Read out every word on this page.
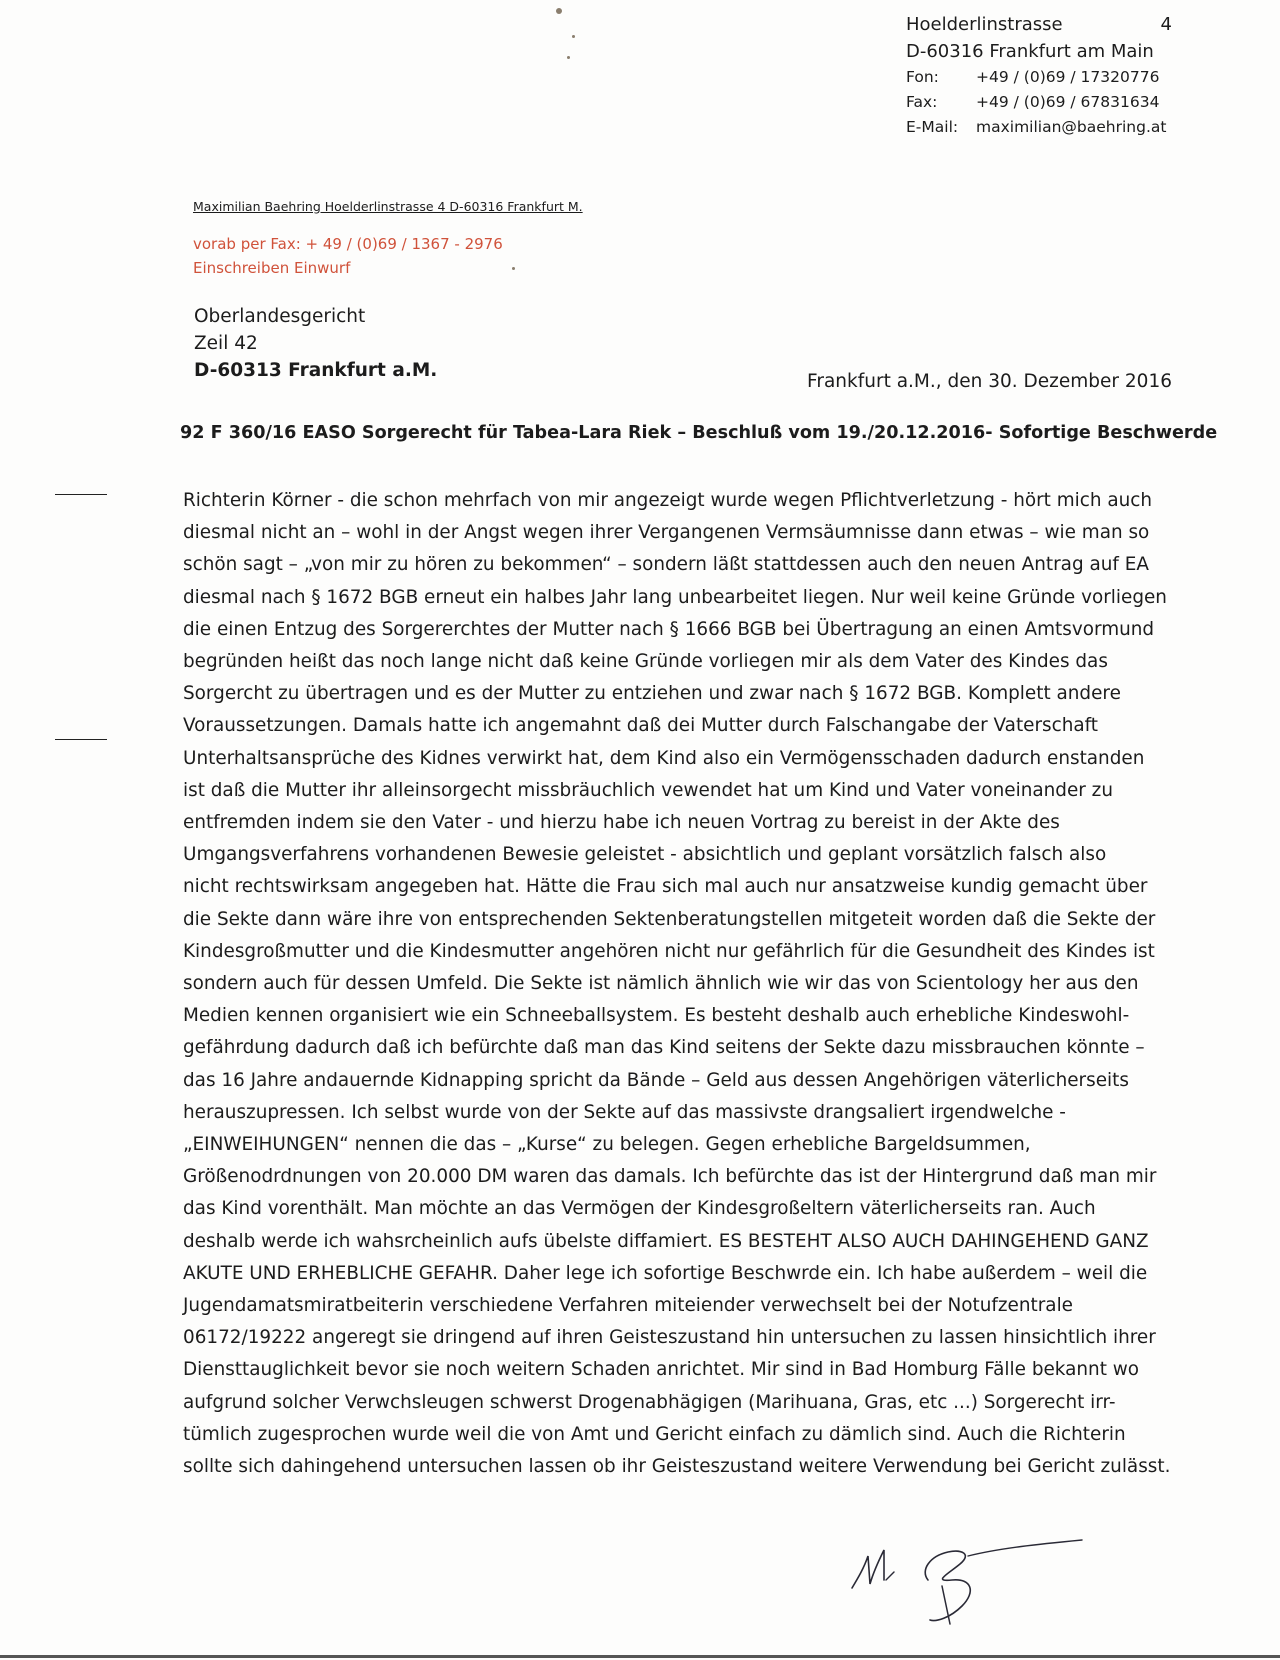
Hoelderlinstrasse	4
D-60316 Frankfurt am Main
Fon:	+49 / (0)69 / 17320776
Fax:	+49 / (0)69 / 67831634
E-Mail:	maximilian@baehring.at
Maximilian Baehring Hoelderlinstrasse 4 D-60316 Frankfurt M.
vorab per Fax: + 49 / (0)69 / 1367 - 2976
Einschreiben Einwurf
Oberlandesgericht
Zeil 42
D-60313 Frankfurt a.M.
Frankfurt a.M., den 30. Dezember 2016
92 F 360/16 EASO Sorgerecht für Tabea-Lara Riek – Beschluß vom 19./20.12.2016- Sofortige Beschwerde
Richterin Körner - die schon mehrfach von mir angezeigt wurde wegen Pflichtverletzung - hört mich auch
diesmal nicht an – wohl in der Angst wegen ihrer Vergangenen Vermsäumnisse dann etwas – wie man so
schön sagt – „von mir zu hören zu bekommen“ – sondern läßt stattdessen auch den neuen Antrag auf EA
diesmal nach § 1672 BGB erneut ein halbes Jahr lang unbearbeitet liegen. Nur weil keine Gründe vorliegen
die einen Entzug des Sorgererchtes der Mutter nach § 1666 BGB bei Übertragung an einen Amtsvormund
begründen heißt das noch lange nicht daß keine Gründe vorliegen mir als dem Vater des Kindes das
Sorgercht zu übertragen und es der Mutter zu entziehen und zwar nach § 1672 BGB. Komplett andere
Voraussetzungen. Damals hatte ich angemahnt daß dei Mutter durch Falschangabe der Vaterschaft
Unterhaltsansprüche des Kidnes verwirkt hat, dem Kind also ein Vermögensschaden dadurch enstanden
ist daß die Mutter ihr alleinsorgecht missbräuchlich vewendet hat um Kind und Vater voneinander zu
entfremden indem sie den Vater - und hierzu habe ich neuen Vortrag zu bereist in der Akte des
Umgangsverfahrens vorhandenen Bewesie geleistet - absichtlich und geplant vorsätzlich falsch also
nicht rechtswirksam angegeben hat. Hätte die Frau sich mal auch nur ansatzweise kundig gemacht über
die Sekte dann wäre ihre von entsprechenden Sektenberatungstellen mitgeteit worden daß die Sekte der
Kindesgroßmutter und die Kindesmutter angehören nicht nur gefährlich für die Gesundheit des Kindes ist
sondern auch für dessen Umfeld. Die Sekte ist nämlich ähnlich wie wir das von Scientology her aus den
Medien kennen organisiert wie ein Schneeballsystem. Es besteht deshalb auch erhebliche Kindeswohl-
gefährdung dadurch daß ich befürchte daß man das Kind seitens der Sekte dazu missbrauchen könnte –
das 16 Jahre andauernde Kidnapping spricht da Bände – Geld aus dessen Angehörigen väterlicherseits
herauszupressen. Ich selbst wurde von der Sekte auf das massivste drangsaliert irgendwelche -
„EINWEIHUNGEN“ nennen die das – „Kurse“ zu belegen. Gegen erhebliche Bargeldsummen,
Größenodrdnungen von 20.000 DM waren das damals. Ich befürchte das ist der Hintergrund daß man mir
das Kind vorenthält. Man möchte an das Vermögen der Kindesgroßeltern väterlicherseits ran. Auch
deshalb werde ich wahsrcheinlich aufs übelste diffamiert. ES BESTEHT ALSO AUCH DAHINGEHEND GANZ
AKUTE UND ERHEBLICHE GEFAHR. Daher lege ich sofortige Beschwrde ein. Ich habe außerdem – weil die
Jugendamatsmiratbeiterin verschiedene Verfahren miteiender verwechselt bei der Notufzentrale
06172/19222 angeregt sie dringend auf ihren Geisteszustand hin untersuchen zu lassen hinsichtlich ihrer
Diensttauglichkeit bevor sie noch weitern Schaden anrichtet. Mir sind in Bad Homburg Fälle bekannt wo
aufgrund solcher Verwchsleugen schwerst Drogenabhägigen (Marihuana, Gras, etc ...) Sorgerecht irr-
tümlich zugesprochen wurde weil die von Amt und Gericht einfach zu dämlich sind. Auch die Richterin
sollte sich dahingehend untersuchen lassen ob ihr Geisteszustand weitere Verwendung bei Gericht zulässt.
